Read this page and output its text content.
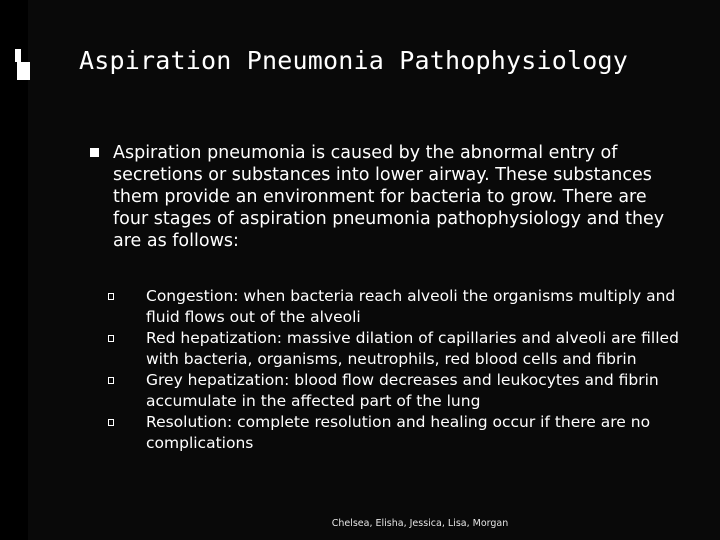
Aspiration Pneumonia Pathophysiology

Aspiration pneumonia is caused by the abnormal entry of secretions or substances into lower airway. These substances them provide an environment for bacteria to grow. There are four stages of aspiration pneumonia pathophysiology and they are as follows:

Congestion: when bacteria reach alveoli the organisms multiply and fluid flows out of the alveoli
Red hepatization: massive dilation of capillaries and alveoli are filled with bacteria, organisms, neutrophils, red blood cells and fibrin
Grey hepatization: blood flow decreases and leukocytes and fibrin accumulate in the affected part of the lung
Resolution: complete resolution and healing occur if there are no complications
Chelsea, Elisha, Jessica, Lisa, Morgan
